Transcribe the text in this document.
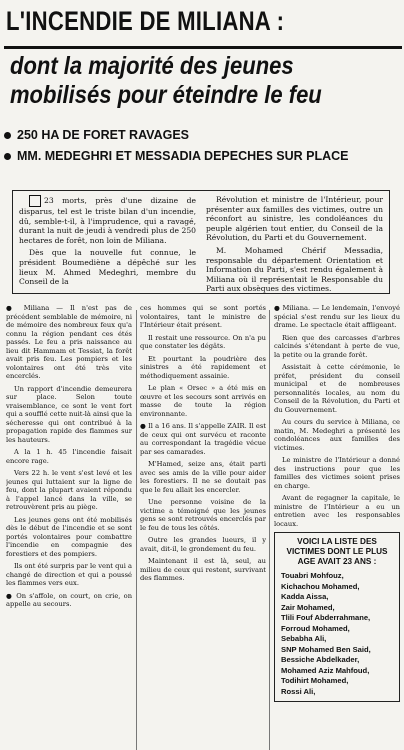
L'INCENDIE DE MILIANA :
dont la majorité des jeunes
mobilisés pour éteindre le feu
250 HA DE FORET RAVAGES
MM. MEDEGHRI ET MESSADIA DEPECHES SUR PLACE

23 morts, près d'une dizaine de disparus, tel est le triste bilan d'un incendie, dû, semble-t-il, à l'imprudence, qui a ravagé, durant la nuit de jeudi à vendredi plus de 250 hectares de forêt, non loin de Miliana.

Dès que la nouvelle fut connue, le président Boumediène a dépêché sur les lieux M. Ahmed Medeghri, membre du Conseil de la

Révolution et ministre de l'Intérieur, pour présenter aux familles des victimes, outre un réconfort au sinistre, les condoléances du peuple algérien tout entier, du Conseil de la Révolution, du Parti et du Gouvernement.

M. Mohamed Chérif Messadia, responsable du département Orientation et Information du Parti, s'est rendu également à Miliana où il représentait le Responsable du Parti aux obsèques des victimes.

● Miliana — Il n'est pas de précédent semblable de mémoire, ni de mémoire des nombreux feux qu'a connu la région pendant ces étés passés. Le feu a pris naissance au lieu dit Hammam et Tessiat, la forêt avait pris feu. Les pompiers et les volontaires ont été très vite encerclés.

Un rapport d'incendie demeurera sur place. Selon toute vraisemblance, ce sont le vent fort qui a soufflé cette nuit-là ainsi que la sécheresse qui ont contribué à la propagation rapide des flammes sur les hauteurs.

A la 1 h. 45 l'incendie faisait encore rage.

Vers 22 h. le vent s'est levé et les jeunes qui luttaient sur la ligne de feu, dont la plupart avaient répondu à l'appel lancé dans la ville, se retrouvèrent pris au piège.

Les jeunes gens ont été mobilisés dès le début de l'incendie et se sont portés volontaires pour combattre l'incendie en compagnie des forestiers et des pompiers.

Ils ont été surpris par le vent qui a changé de direction et qui a poussé les flammes vers eux.

● On s'affole, on court, on crie, on appelle au secours.

ces hommes qui se sont portés volontaires, tant le ministre de l'Intérieur était présent.

Il restait une ressource. On n'a pu que constater les dégâts.

Et pourtant la poudrière des sinistres a été rapidement et méthodiquement assainie.

Le plan « Orsec » a été mis en œuvre et les secours sont arrivés en masse de toute la région environnante.

● Il a 16 ans. Il s'appelle ZAIR. Il est de ceux qui ont survécu et raconte au correspondant la tragédie vécue par ses camarades.

M'Hamed, seize ans, était parti avec ses amis de la ville pour aider les forestiers. Il ne se doutait pas que le feu allait les encercler.

Une personne voisine de la victime a témoigné que les jeunes gens se sont retrouvés encerclés par le feu de tous les côtés.

Outre les grandes lueurs, il y avait, dit-il, le grondement du feu.

Maintenant il est là, seul, au milieu de ceux qui restent, survivant des flammes.

● Miliana. — Le lendemain, l'envoyé spécial s'est rendu sur les lieux du drame. Le spectacle était affligeant.

Rien que des carcasses d'arbres calcinés s'étendant à perte de vue, la petite ou la grande forêt.

Assistait à cette cérémonie, le préfet, président du conseil municipal et de nombreuses personnalités locales, au nom du Conseil de la Révolution, du Parti et du Gouvernement.

Au cours du service à Miliana, ce matin, M. Medeghri a présenté les condoléances aux familles des victimes.

Le ministre de l'Intérieur a donné des instructions pour que les familles des victimes soient prises en charge.

Avant de regagner la capitale, le ministre de l'Intérieur a eu un entretien avec les responsables locaux.

VOICI LA LISTE DES VICTIMES DONT LE PLUS AGE AVAIT 23 ANS :
Touabri Mohfouz,
Kichachou Mohamed,
Kadda Aissa,
Zair Mohamed,
Tlili Fouf Abderrahmane,
Forroud Mohamed,
Sebabha Ali,
SNP Mohamed Ben Said,
Bessiche Abdelkader,
Mohamed Aziz Mahfoud,
Todihirt Mohamed,
Rossi Ali,
